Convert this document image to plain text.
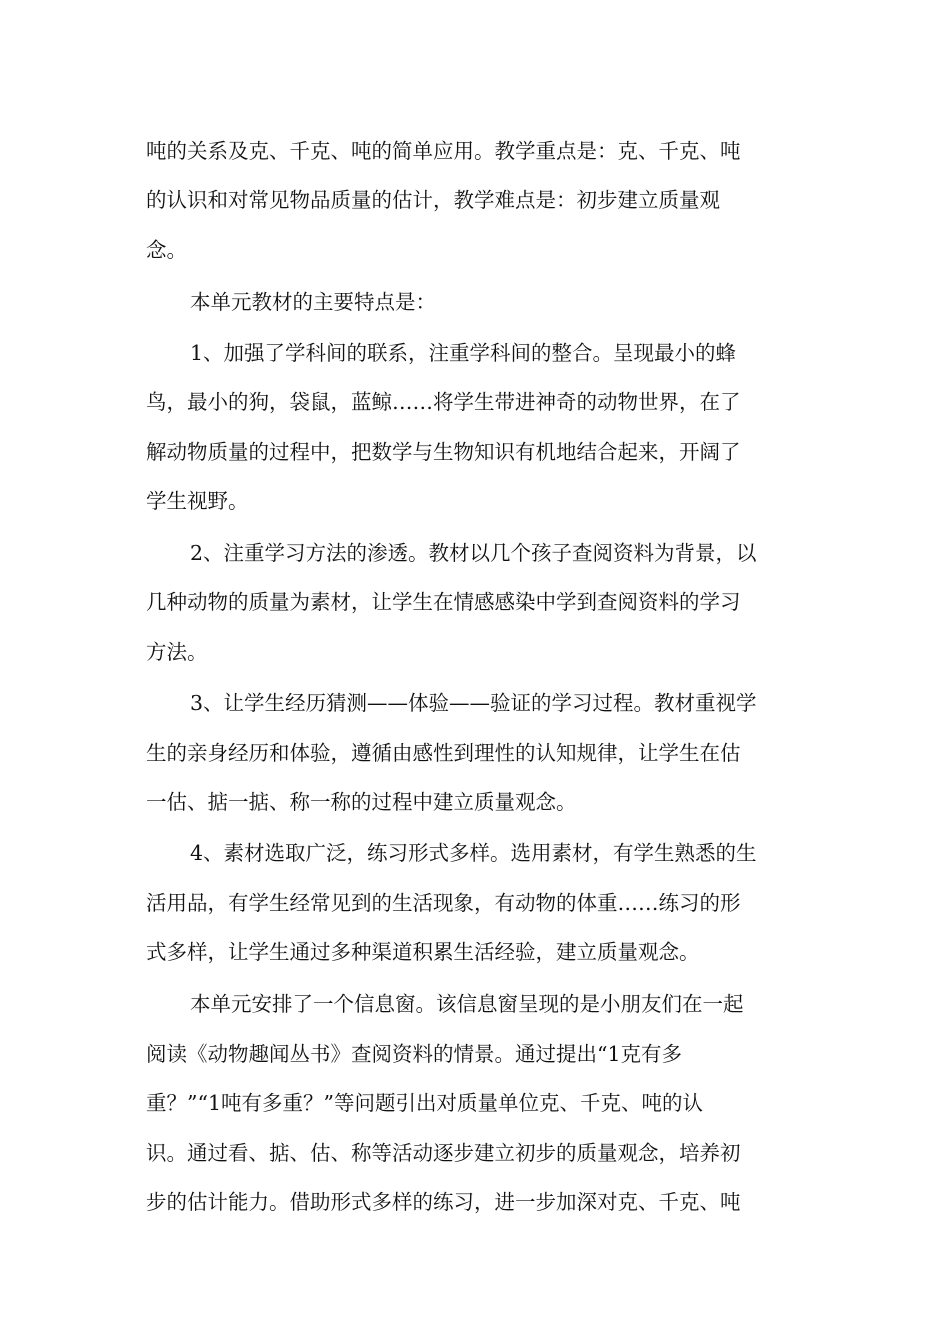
吨的关系及克、千克、吨的简单应用。教学重点是：克、千克、吨

的认识和对常见物品质量的估计，教学难点是：初步建立质量观

念。

本单元教材的主要特点是：

1、加强了学科间的联系，注重学科间的整合。呈现最小的蜂

鸟，最小的狗，袋鼠，蓝鲸……将学生带进神奇的动物世界，在了

解动物质量的过程中，把数学与生物知识有机地结合起来，开阔了

学生视野。

2、注重学习方法的渗透。教材以几个孩子查阅资料为背景，以

几种动物的质量为素材，让学生在情感感染中学到查阅资料的学习

方法。

3、让学生经历猜测——体验——验证的学习过程。教材重视学

生的亲身经历和体验，遵循由感性到理性的认知规律，让学生在估

一估、掂一掂、称一称的过程中建立质量观念。

4、素材选取广泛，练习形式多样。选用素材，有学生熟悉的生

活用品，有学生经常见到的生活现象，有动物的体重……练习的形

式多样，让学生通过多种渠道积累生活经验，建立质量观念。

本单元安排了一个信息窗。该信息窗呈现的是小朋友们在一起

阅读《动物趣闻丛书》查阅资料的情景。通过提出“1克有多

重？”“1吨有多重？”等问题引出对质量单位克、千克、吨的认

识。通过看、掂、估、称等活动逐步建立初步的质量观念，培养初

步的估计能力。借助形式多样的练习，进一步加深对克、千克、吨
